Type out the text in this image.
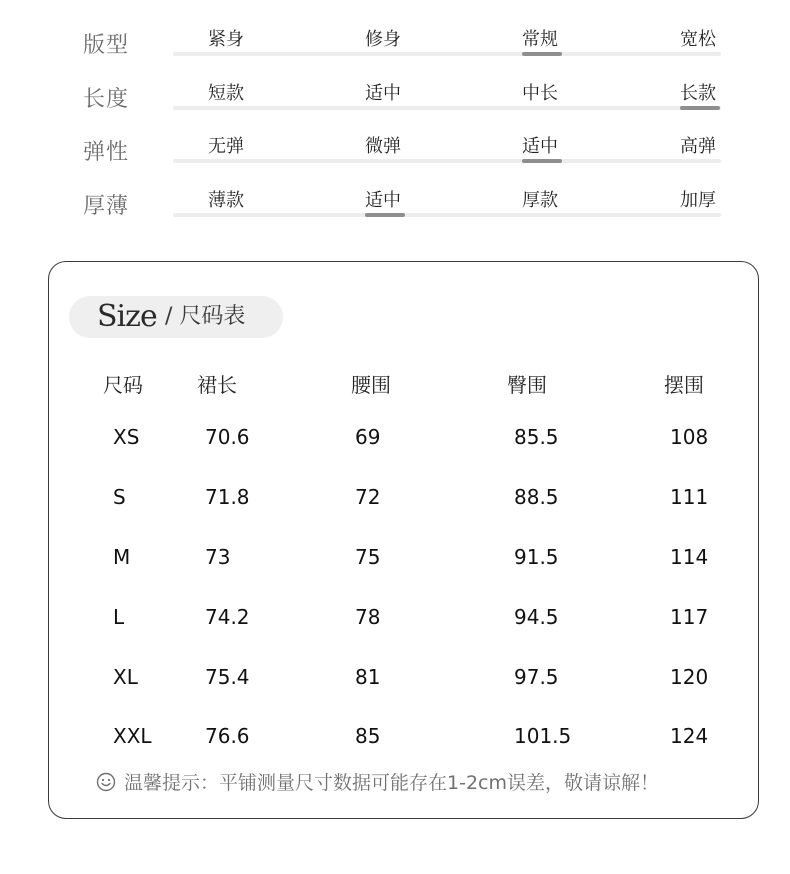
版型	紧身	修身	常规	宽松
长度	短款	适中	中长	长款
弹性	无弹	微弹	适中	高弹
厚薄	薄款	适中	厚款	加厚
Size / 尺码表
尺码	裙长	腰围	臀围	摆围
XS	70.6	69	85.5	108
S	71.8	72	88.5	111
M	73	75	91.5	114
L	74.2	78	94.5	117
XL	75.4	81	97.5	120
XXL	76.6	85	101.5	124
温馨提示：平铺测量尺寸数据可能存在1-2cm误差，敬请谅解！
